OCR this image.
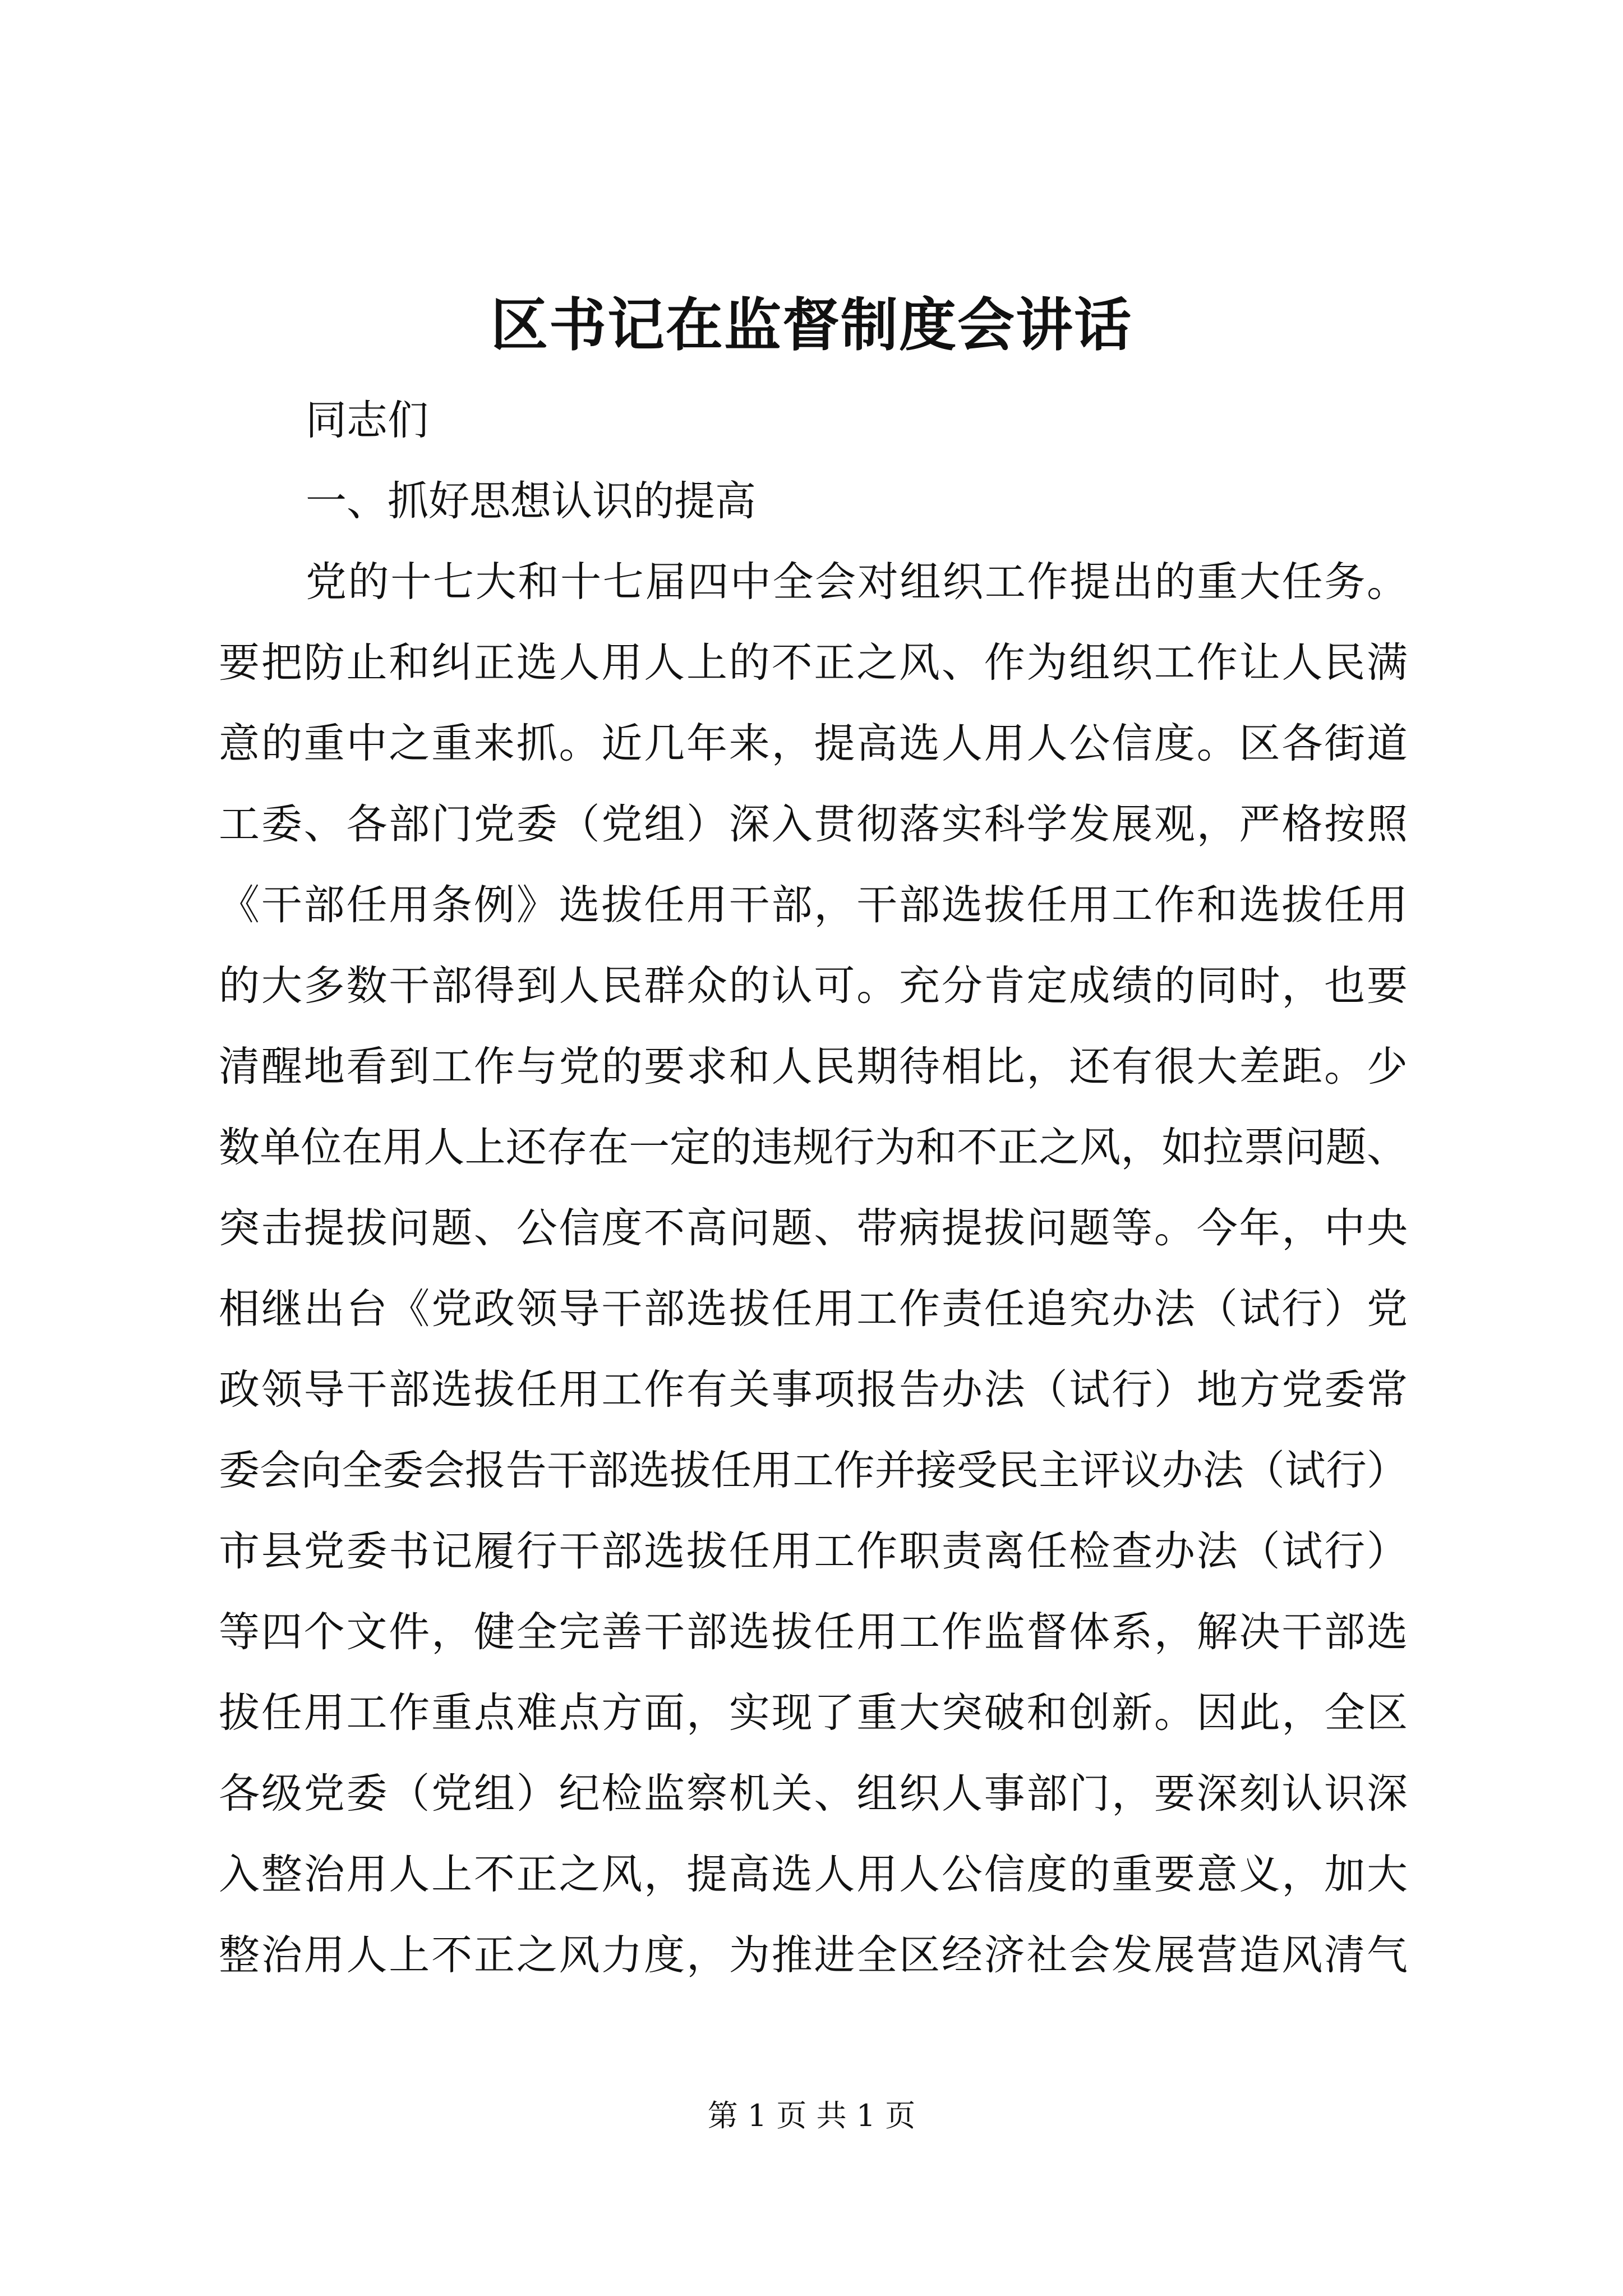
区书记在监督制度会讲话
同志们
一、抓好思想认识的提高
党的十七大和十七届四中全会对组织工作提出的重大任务。
要把防止和纠正选人用人上的不正之风、作为组织工作让人民满
意的重中之重来抓。近几年来，提高选人用人公信度。区各街道
工委、各部门党委（党组）深入贯彻落实科学发展观，严格按照
《干部任用条例》选拔任用干部，干部选拔任用工作和选拔任用
的大多数干部得到人民群众的认可。充分肯定成绩的同时，也要
清醒地看到工作与党的要求和人民期待相比，还有很大差距。少
数单位在用人上还存在一定的违规行为和不正之风，如拉票问题、
突击提拔问题、公信度不高问题、带病提拔问题等。今年，中央
相继出台《党政领导干部选拔任用工作责任追究办法（试行）党
政领导干部选拔任用工作有关事项报告办法（试行）地方党委常
委会向全委会报告干部选拔任用工作并接受民主评议办法（试行）
市县党委书记履行干部选拔任用工作职责离任检查办法（试行）
等四个文件，健全完善干部选拔任用工作监督体系，解决干部选
拔任用工作重点难点方面，实现了重大突破和创新。因此，全区
各级党委（党组）纪检监察机关、组织人事部门，要深刻认识深
入整治用人上不正之风，提高选人用人公信度的重要意义，加大
整治用人上不正之风力度，为推进全区经济社会发展营造风清气
第 1 页 共 1 页
